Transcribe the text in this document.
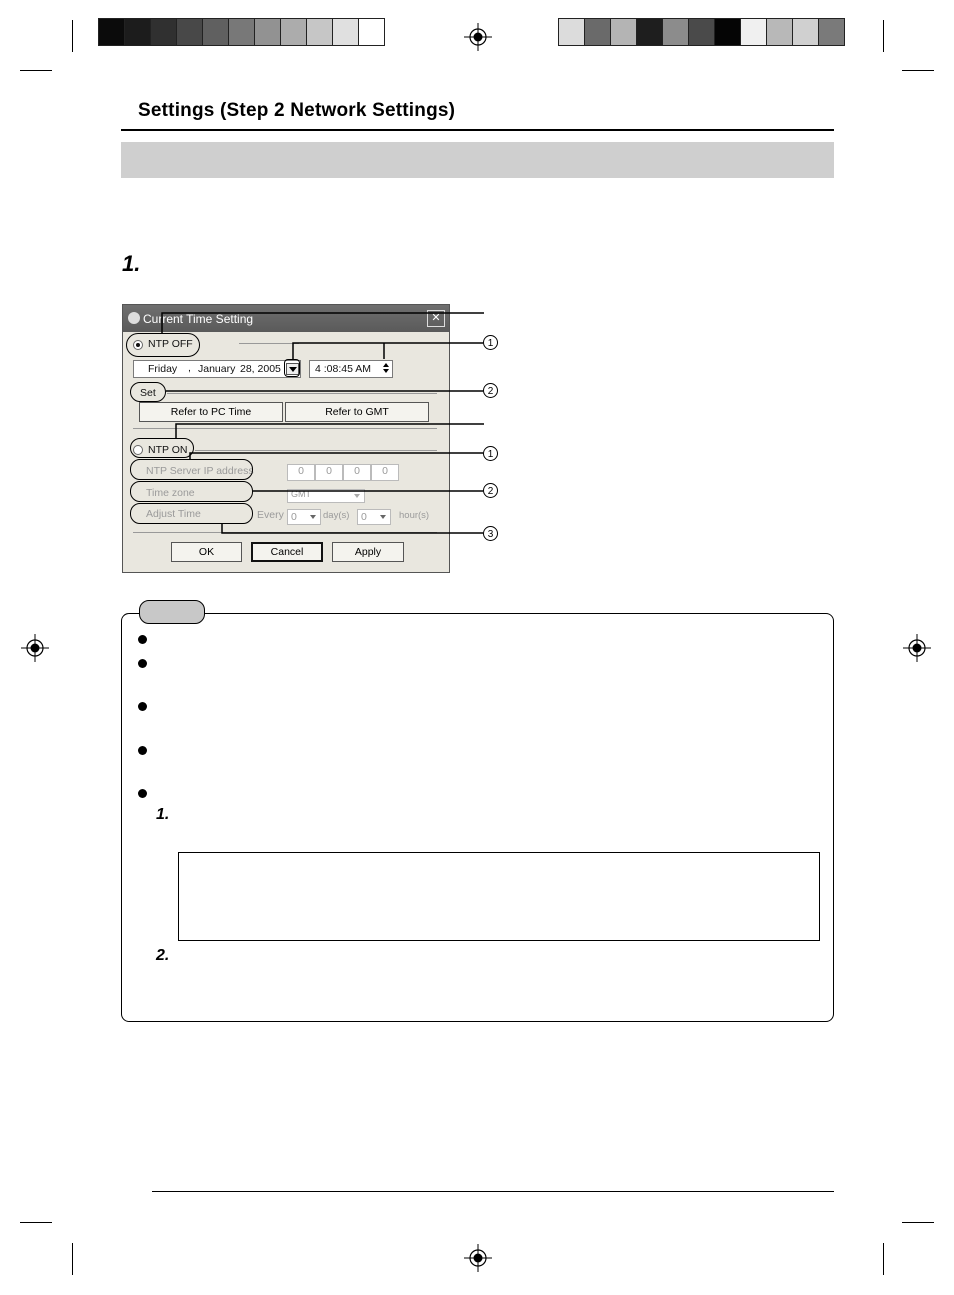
Settings (Step 2 Network Settings)
1.
Current Time Setting	✕
NTP OFF
Friday , January 28, 2005	4 :08:45 AM
Set
Refer to PC Time	Refer to GMT
NTP ON
NTP Server IP address	0	0	0	0
Time zone	GMT
Adjust Time	Every 0	day(s) 0	hour(s)
OK	Cancel	Apply
1
2
1
2
3
1.
2.
